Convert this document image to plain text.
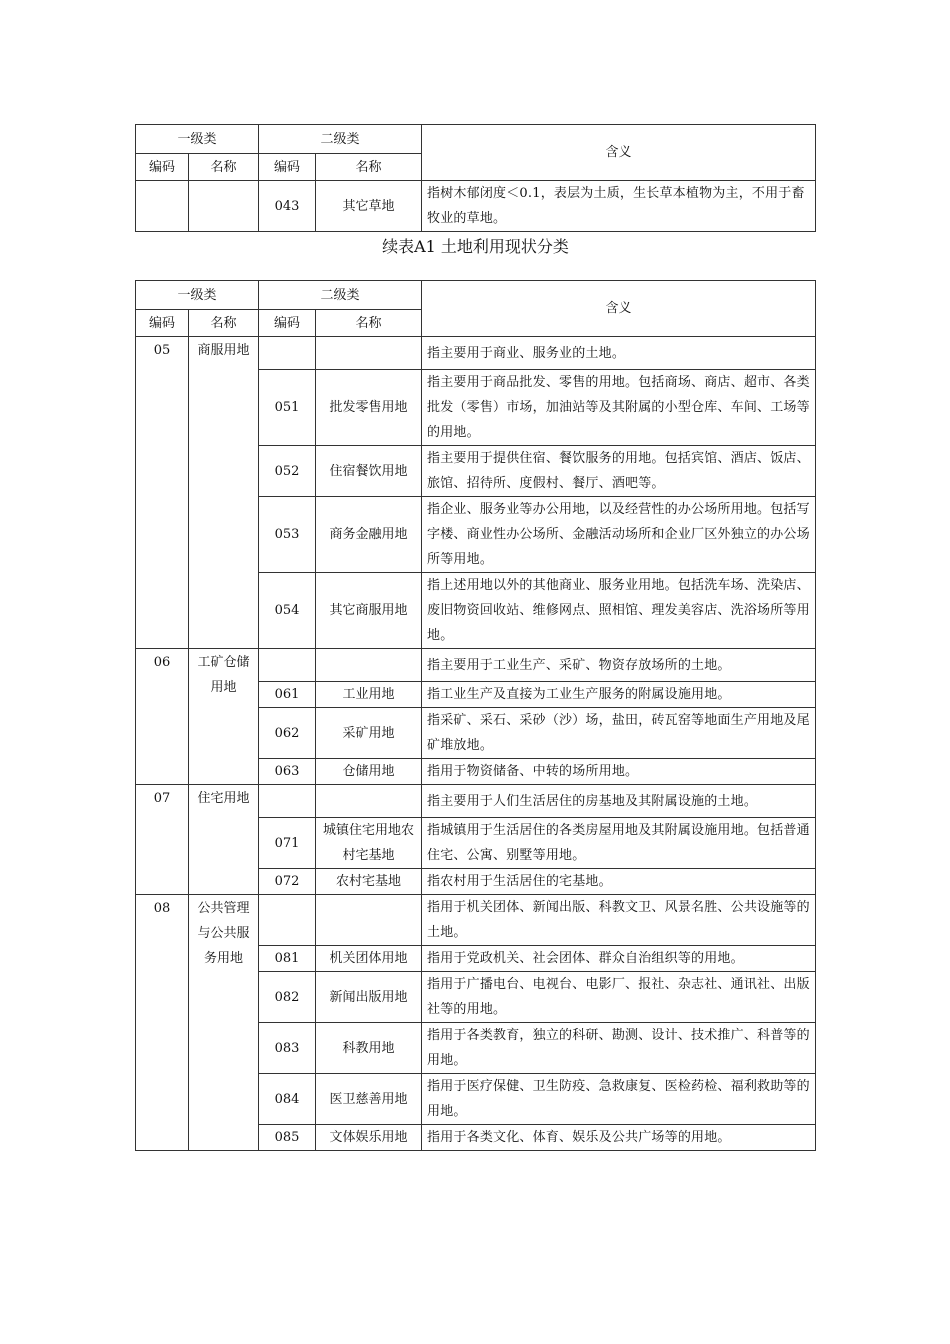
一级类		二级类		含义
编码	名称	编码	名称	
		043	其它草地	指树木郁闭度＜0.1，表层为土质，生长草本植物为主，不用于畜牧业的草地。
续表A1 土地利用现状分类
一级类		二级类		含义
编码	名称	编码	名称	
05	商服用地			指主要用于商业、服务业的土地。
		051	批发零售用地	指主要用于商品批发、零售的用地。包括商场、商店、超市、各类批发（零售）市场，加油站等及其附属的小型仓库、车间、工场等的用地。
		052	住宿餐饮用地	指主要用于提供住宿、餐饮服务的用地。包括宾馆、酒店、饭店、旅馆、招待所、度假村、餐厅、酒吧等。
		053	商务金融用地	指企业、服务业等办公用地，以及经营性的办公场所用地。包括写字楼、商业性办公场所、金融活动场所和企业厂区外独立的办公场所等用地。
		054	其它商服用地	指上述用地以外的其他商业、服务业用地。包括洗车场、洗染店、废旧物资回收站、维修网点、照相馆、理发美容店、洗浴场所等用地。
06	工矿仓储用地			指主要用于工业生产、采矿、物资存放场所的土地。
		061	工业用地	指工业生产及直接为工业生产服务的附属设施用地。
		062	采矿用地	指采矿、采石、采砂（沙）场，盐田，砖瓦窑等地面生产用地及尾矿堆放地。
		063	仓储用地	指用于物资储备、中转的场所用地。
07	住宅用地			指主要用于人们生活居住的房基地及其附属设施的土地。
		071	城镇住宅用地农村宅基地	指城镇用于生活居住的各类房屋用地及其附属设施用地。包括普通住宅、公寓、别墅等用地。
		072	农村宅基地	指农村用于生活居住的宅基地。
08	公共管理与公共服务用地			指用于机关团体、新闻出版、科教文卫、风景名胜、公共设施等的土地。
		081	机关团体用地	指用于党政机关、社会团体、群众自治组织等的用地。
		082	新闻出版用地	指用于广播电台、电视台、电影厂、报社、杂志社、通讯社、出版社等的用地。
		083	科教用地	指用于各类教育，独立的科研、勘测、设计、技术推广、科普等的用地。
		084	医卫慈善用地	指用于医疗保健、卫生防疫、急救康复、医检药检、福利救助等的用地。
		085	文体娱乐用地	指用于各类文化、体育、娱乐及公共广场等的用地。
